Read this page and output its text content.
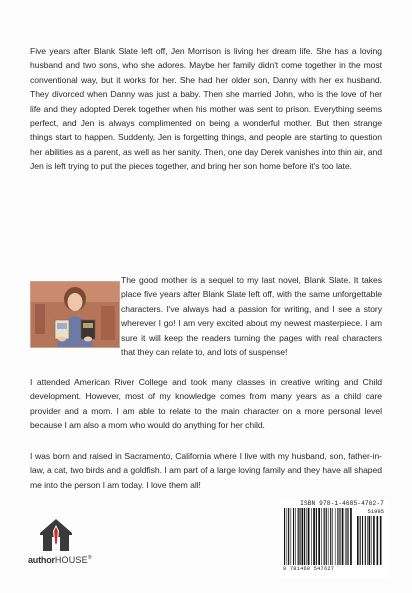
Five years after Blank Slate left off, Jen Morrison is living her dream life. She has a loving husband and two sons, who she adores. Maybe her family didn't come together in the most conventional way, but it works for her. She had her older son, Danny with her ex husband. They divorced when Danny was just a baby. Then she married John, who is the love of her life and they adopted Derek together when his mother was sent to prison. Everything seems perfect, and Jen is always complimented on being a wonderful mother. But then strange things start to happen. Suddenly, Jen is forgetting things, and people are starting to question her abilities as a parent, as well as her sanity. Then, one day Derek vanishes into thin air, and Jen is left trying to put the pieces together, and bring her son home before it's too late.

The good mother is a sequel to my last novel, Blank Slate. It takes place five years after Blank Slate left off, with the same unforgettable characters. I've always had a passion for writing, and I see a story wherever I go! I am very excited about my newest masterpiece. I am sure it will keep the readers turning the pages with real characters that they can relate to, and lots of suspense!

I attended American River College and took many classes in creative writing and Child development. However, most of my knowledge comes from many years as a child care provider and a mom. I am able to relate to the main character on a more personal level because I am also a mom who would do anything for her child.

I was born and raised in Sacramento, California where I live with my husband, son, father-in-law, a cat, two birds and a goldfish. I am part of a large loving family and they have all shaped me into the person I am today. I love them all!

authorHOUSE®
ISBN 978-1-4685-4762-7
51995
9 781468 547627
